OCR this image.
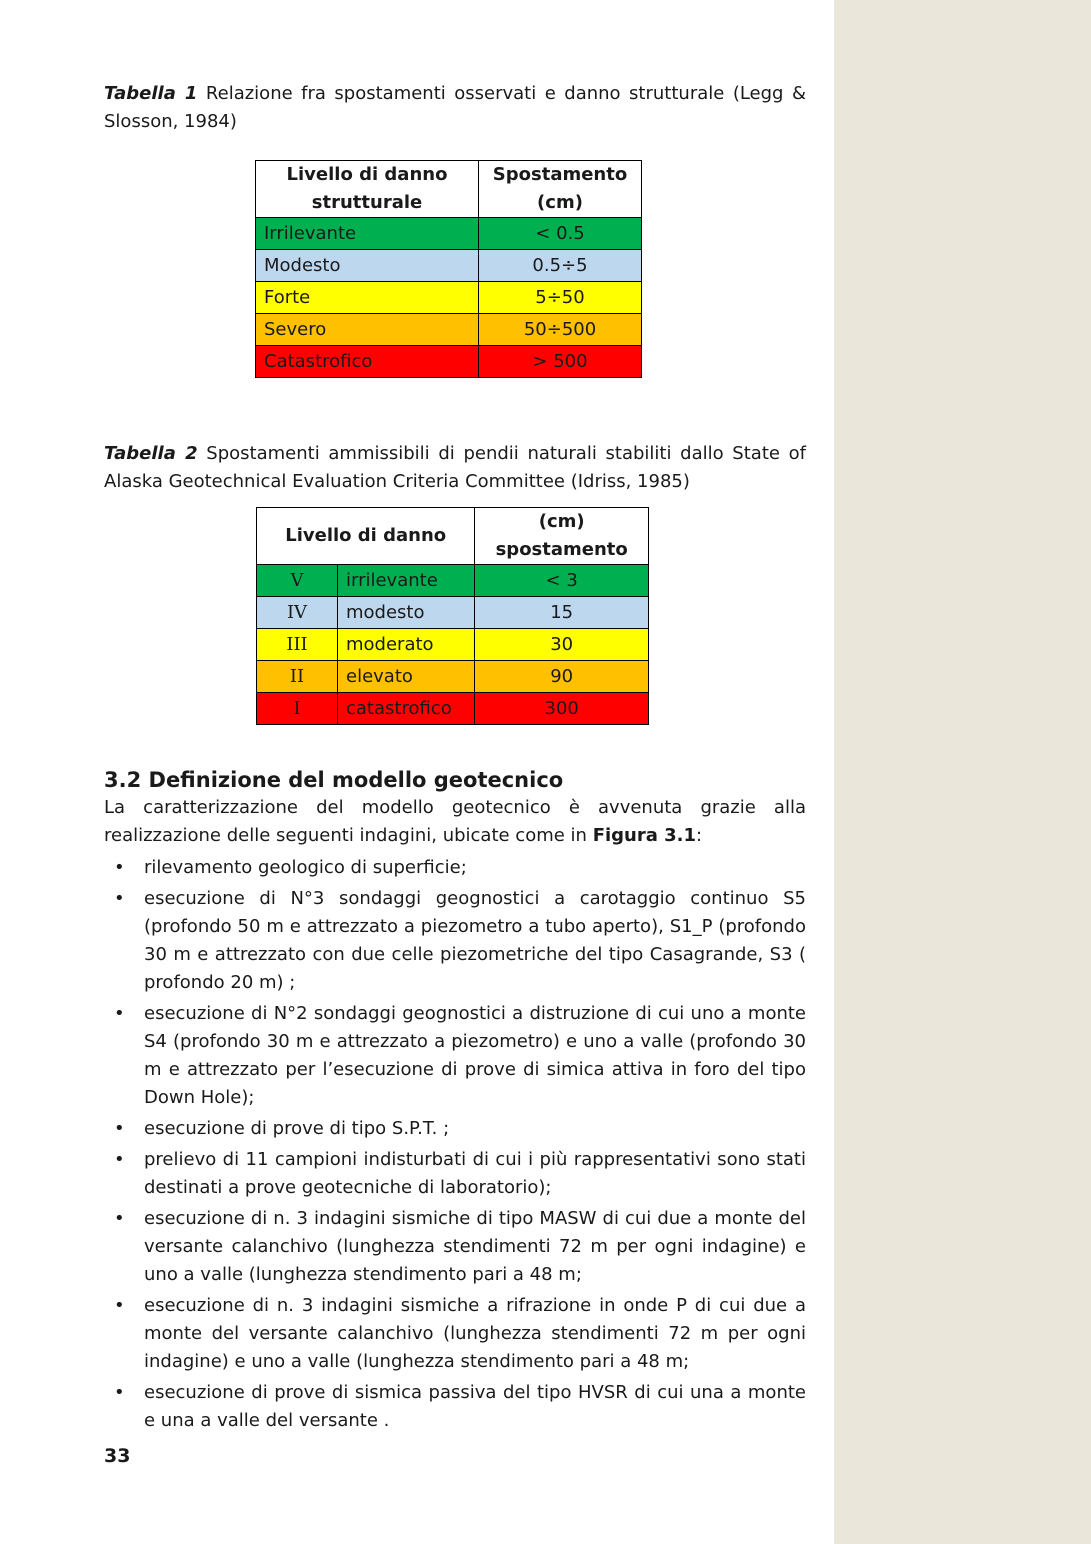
Tabella 1 Relazione fra spostamenti osservati e danno strutturale (Legg & Slosson, 1984)

Livello di danno strutturale	Spostamento (cm)
Irrilevante	< 0.5
Modesto	0.5÷5
Forte	5÷50
Severo	50÷500
Catastrofico	> 500

Tabella 2 Spostamenti ammissibili di pendii naturali stabiliti dallo State of Alaska Geotechnical Evaluation Criteria Committee (Idriss, 1985)

Livello di danno		(cm) spostamento
V	irrilevante	< 3
IV	modesto	15
III	moderato	30
II	elevato	90
I	catastrofico	300
3.2 Definizione del modello geotecnico

La caratterizzazione del modello geotecnico è avvenuta grazie alla realizzazione delle seguenti indagini, ubicate come in Figura 3.1:

• rilevamento geologico di superficie;
• esecuzione di N°3 sondaggi geognostici a carotaggio continuo S5 (profondo 50 m e attrezzato a piezometro a tubo aperto), S1_P (profondo 30 m e attrezzato con due celle piezometriche del tipo Casagrande, S3 ( profondo 20 m) ;
• esecuzione di N°2 sondaggi geognostici a distruzione di cui uno a monte S4 (profondo 30 m e attrezzato a piezometro) e uno a valle (profondo 30 m e attrezzato per l’esecuzione di prove di simica attiva in foro del tipo Down Hole);
• esecuzione di prove di tipo S.P.T. ;
• prelievo di 11 campioni indisturbati di cui i più rappresentativi sono stati destinati a prove geotecniche di laboratorio);
• esecuzione di n. 3 indagini sismiche di tipo MASW di cui due a monte del versante calanchivo (lunghezza stendimenti 72 m per ogni indagine) e uno a valle (lunghezza stendimento pari a 48 m;
• esecuzione di n. 3 indagini sismiche a rifrazione in onde P di cui due a monte del versante calanchivo (lunghezza stendimenti 72 m per ogni indagine) e uno a valle (lunghezza stendimento pari a 48 m;
• esecuzione di prove di sismica passiva del tipo HVSR di cui una a monte e una a valle del versante .
33
